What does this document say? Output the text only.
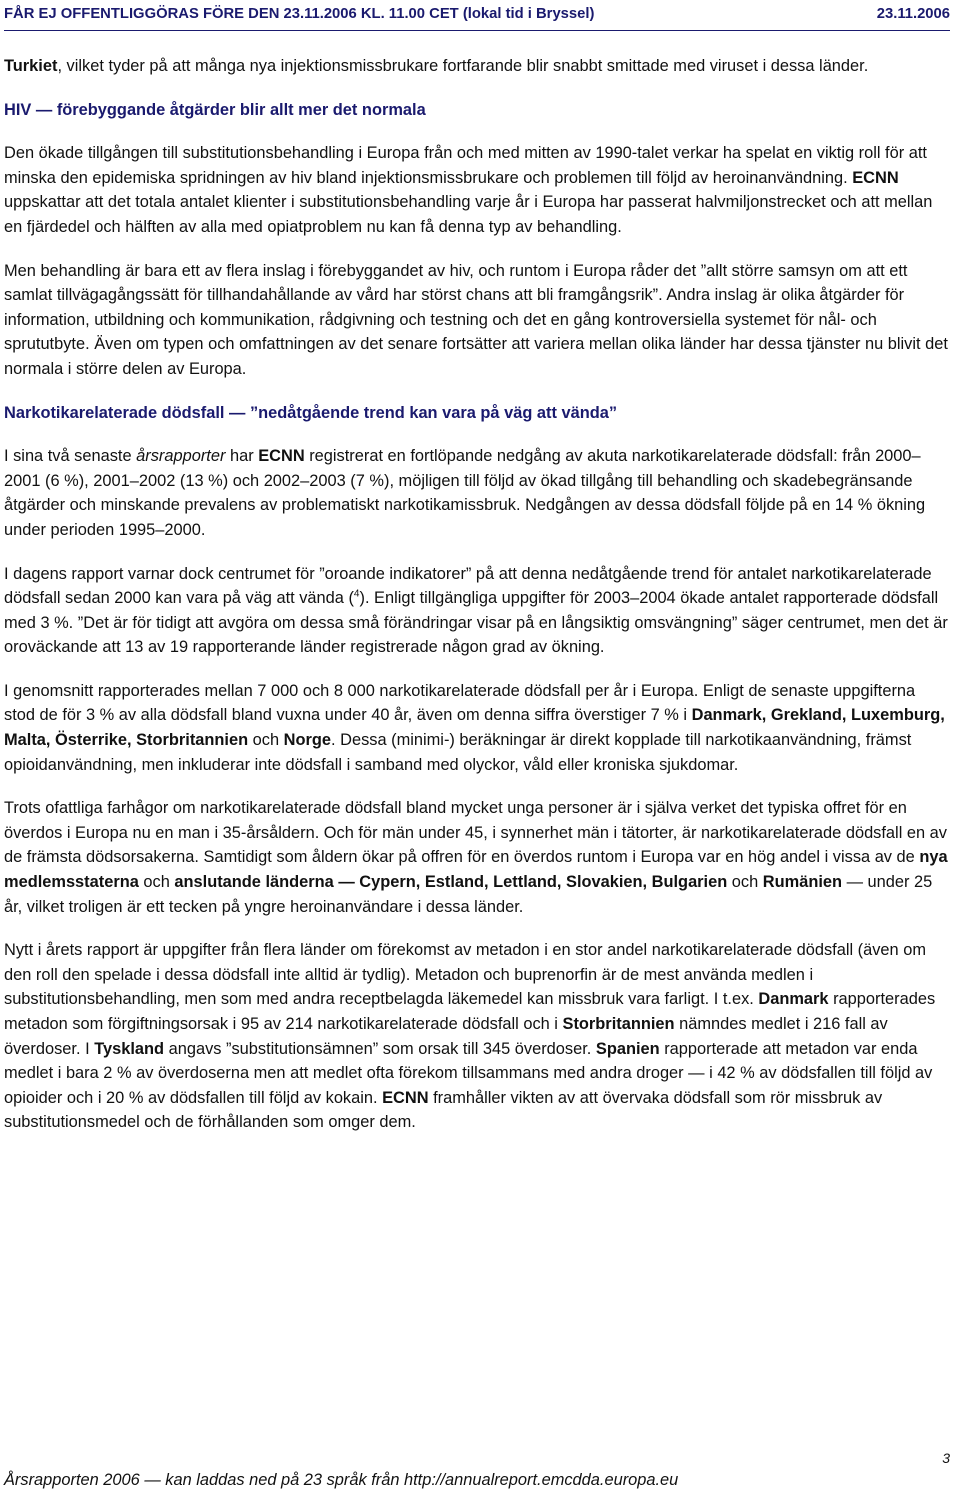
FÅR EJ OFFENTLIGGÖRAS FÖRE DEN 23.11.2006 KL. 11.00 CET (lokal tid i Bryssel)	23.11.2006

Turkiet, vilket tyder på att många nya injektionsmissbrukare fortfarande blir snabbt smittade med viruset i dessa länder.

HIV — förebyggande åtgärder blir allt mer det normala

Den ökade tillgången till substitutionsbehandling i Europa från och med mitten av 1990-talet verkar ha spelat en viktig roll för att minska den epidemiska spridningen av hiv bland injektionsmissbrukare och problemen till följd av heroinanvändning. ECNN uppskattar att det totala antalet klienter i substitutionsbehandling varje år i Europa har passerat halvmiljonstrecket och att mellan en fjärdedel och hälften av alla med opiatproblem nu kan få denna typ av behandling.

Men behandling är bara ett av flera inslag i förebyggandet av hiv, och runtom i Europa råder det ”allt större samsyn om att ett samlat tillvägagångssätt för tillhandahållande av vård har störst chans att bli framgångsrik”. Andra inslag är olika åtgärder för information, utbildning och kommunikation, rådgivning och testning och det en gång kontroversiella systemet för nål- och sprututbyte. Även om typen och omfattningen av det senare fortsätter att variera mellan olika länder har dessa tjänster nu blivit det normala i större delen av Europa.

Narkotikarelaterade dödsfall — ”nedåtgående trend kan vara på väg att vända”

I sina två senaste årsrapporter har ECNN registrerat en fortlöpande nedgång av akuta narkotikarelaterade dödsfall: från 2000–2001 (6 %), 2001–2002 (13 %) och 2002–2003 (7 %), möjligen till följd av ökad tillgång till behandling och skadebegränsande åtgärder och minskande prevalens av problematiskt narkotikamissbruk. Nedgången av dessa dödsfall följde på en 14 % ökning under perioden 1995–2000.

I dagens rapport varnar dock centrumet för ”oroande indikatorer” på att denna nedåtgående trend för antalet narkotikarelaterade dödsfall sedan 2000 kan vara på väg att vända ($^4$). Enligt tillgängliga uppgifter för 2003–2004 ökade antalet rapporterade dödsfall med 3 %. ”Det är för tidigt att avgöra om dessa små förändringar visar på en långsiktig omsvängning” säger centrumet, men det är oroväckande att 13 av 19 rapporterande länder registrerade någon grad av ökning.

I genomsnitt rapporterades mellan 7 000 och 8 000 narkotikarelaterade dödsfall per år i Europa. Enligt de senaste uppgifterna stod de för 3 % av alla dödsfall bland vuxna under 40 år, även om denna siffra överstiger 7 % i Danmark, Grekland, Luxemburg, Malta, Österrike, Storbritannien och Norge. Dessa (minimi-) beräkningar är direkt kopplade till narkotikaanvändning, främst opioidanvändning, men inkluderar inte dödsfall i samband med olyckor, våld eller kroniska sjukdomar.

Trots ofattliga farhågor om narkotikarelaterade dödsfall bland mycket unga personer är i själva verket det typiska offret för en överdos i Europa nu en man i 35-årsåldern. Och för män under 45, i synnerhet män i tätorter, är narkotikarelaterade dödsfall en av de främsta dödsorsakerna. Samtidigt som åldern ökar på offren för en överdos runtom i Europa var en hög andel i vissa av de nya medlemsstaterna och anslutande länderna — Cypern, Estland, Lettland, Slovakien, Bulgarien och Rumänien — under 25 år, vilket troligen är ett tecken på yngre heroinanvändare i dessa länder.

Nytt i årets rapport är uppgifter från flera länder om förekomst av metadon i en stor andel narkotikarelaterade dödsfall (även om den roll den spelade i dessa dödsfall inte alltid är tydlig). Metadon och buprenorfin är de mest använda medlen i substitutionsbehandling, men som med andra receptbelagda läkemedel kan missbruk vara farligt. I t.ex. Danmark rapporterades metadon som förgiftningsorsak i 95 av 214 narkotikarelaterade dödsfall och i Storbritannien nämndes medlet i 216 fall av överdoser. I Tyskland angavs ”substitutionsämnen” som orsak till 345 överdoser. Spanien rapporterade att metadon var enda medlet i bara 2 % av överdoserna men att medlet ofta förekom tillsammans med andra droger — i 42 % av dödsfallen till följd av opioider och i 20 % av dödsfallen till följd av kokain. ECNN framhåller vikten av att övervaka dödsfall som rör missbruk av substitutionsmedel och de förhållanden som omger dem.

Årsrapporten 2006 — kan laddas ned på 23 språk från http://annualreport.emcdda.europa.eu
3
